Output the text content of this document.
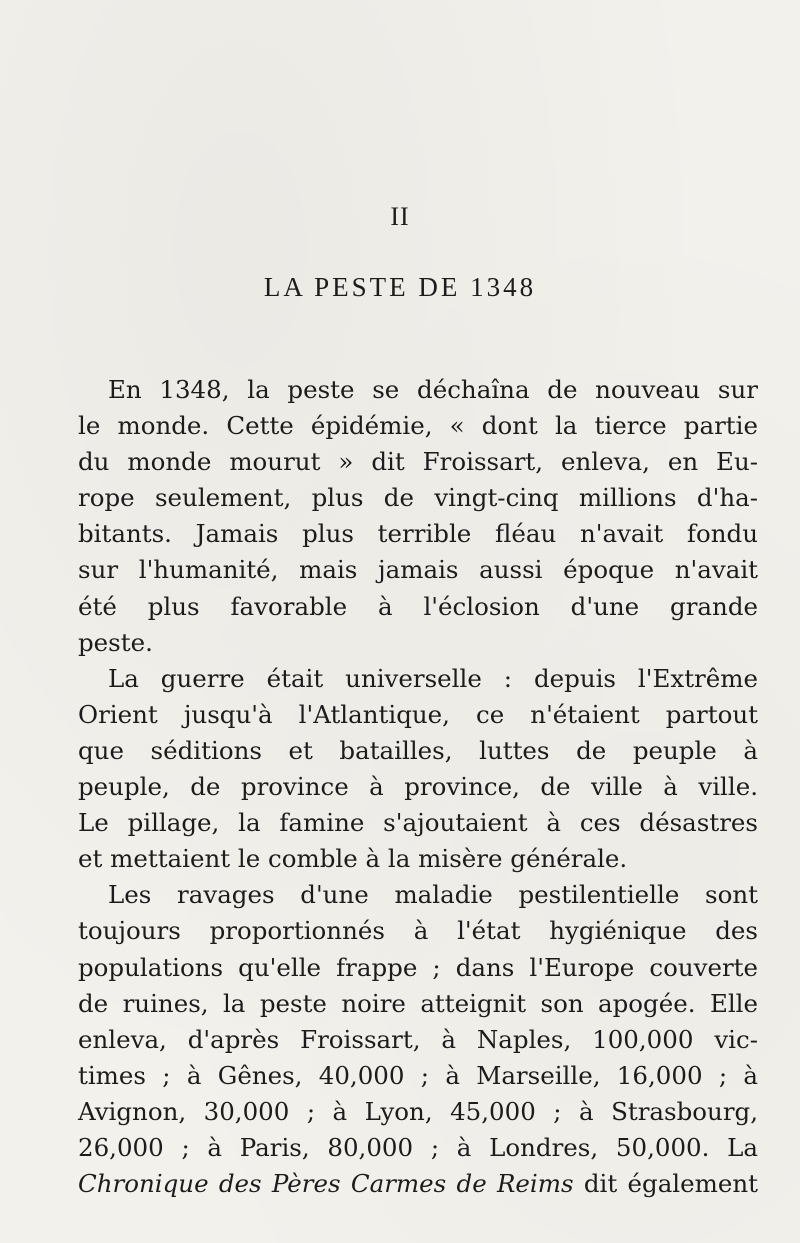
II
LA PESTE DE 1348
En 1348, la peste se déchaîna de nouveau sur
le monde. Cette épidémie, « dont la tierce partie
du monde mourut » dit Froissart, enleva, en Eu-
rope seulement, plus de vingt-cinq millions d'ha-
bitants. Jamais plus terrible fléau n'avait fondu
sur l'humanité, mais jamais aussi époque n'avait
été plus favorable à l'éclosion d'une grande
peste.
La guerre était universelle : depuis l'Extrême
Orient jusqu'à l'Atlantique, ce n'étaient partout
que séditions et batailles, luttes de peuple à
peuple, de province à province, de ville à ville.
Le pillage, la famine s'ajoutaient à ces désastres
et mettaient le comble à la misère générale.
Les ravages d'une maladie pestilentielle sont
toujours proportionnés à l'état hygiénique des
populations qu'elle frappe ; dans l'Europe couverte
de ruines, la peste noire atteignit son apogée. Elle
enleva, d'après Froissart, à Naples, 100,000 vic-
times ; à Gênes, 40,000 ; à Marseille, 16,000 ; à
Avignon, 30,000 ; à Lyon, 45,000 ; à Strasbourg,
26,000 ; à Paris, 80,000 ; à Londres, 50,000. La
Chronique des Pères Carmes de Reims dit également
